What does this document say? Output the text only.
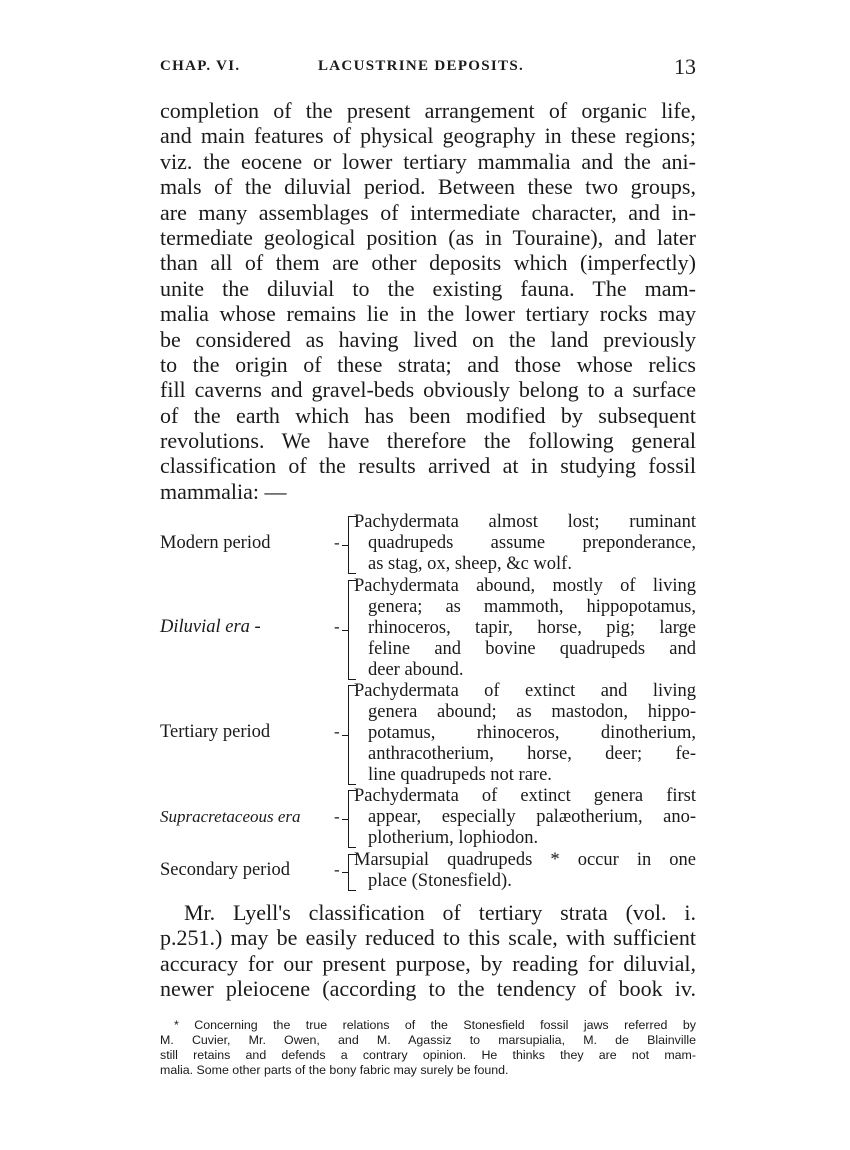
CHAP. VI.	LACUSTRINE DEPOSITS.	13
completion of the present arrangement of organic life,
and main features of physical geography in these regions;
viz. the eocene or lower tertiary mammalia and the ani-
mals of the diluvial period. Between these two groups,
are many assemblages of intermediate character, and in-
termediate geological position (as in Touraine), and later
than all of them are other deposits which (imperfectly)
unite the diluvial to the existing fauna. The mam-
malia whose remains lie in the lower tertiary rocks may
be considered as having lived on the land previously
to the origin of these strata; and those whose relics
fill caverns and gravel-beds obviously belong to a surface
of the earth which has been modified by subsequent
revolutions. We have therefore the following general
classification of the results arrived at in studying fossil
mammalia: —
Modern period	-
Pachydermata almost lost; ruminant
quadrupeds assume preponderance,
as stag, ox, sheep, &c wolf.
Diluvial era -	-
Pachydermata abound, mostly of living
genera; as mammoth, hippopotamus,
rhinoceros, tapir, horse, pig; large
feline and bovine quadrupeds and
deer abound.
Tertiary period	-
Pachydermata of extinct and living
genera abound; as mastodon, hippo-
potamus, rhinoceros, dinotherium,
anthracotherium, horse, deer; fe-
line quadrupeds not rare.
Supracretaceous era -
Pachydermata of extinct genera first
appear, especially palæotherium, ano-
plotherium, lophiodon.
Secondary period	- Marsupial quadrupeds * occur in one
place (Stonesfield).
Mr. Lyell's classification of tertiary strata (vol. i.
p.251.) may be easily reduced to this scale, with sufficient
accuracy for our present purpose, by reading for diluvial,
newer pleiocene (according to the tendency of book iv.
* Concerning the true relations of the Stonesfield fossil jaws referred by
M. Cuvier, Mr. Owen, and M. Agassiz to marsupialia, M. de Blainville
still retains and defends a contrary opinion. He thinks they are not mam-
malia. Some other parts of the bony fabric may surely be found.
